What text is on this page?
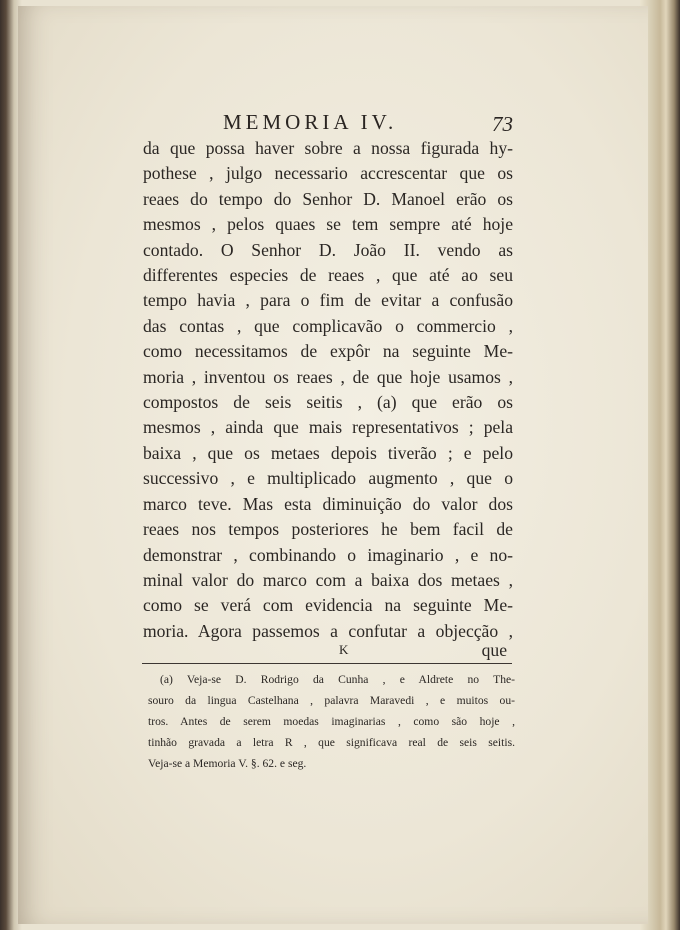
MEMORIA IV.	73
da que possa haver sobre a nossa figurada hy-
pothese , julgo necessario accrescentar que os
reaes do tempo do Senhor D. Manoel erão os
mesmos , pelos quaes se tem sempre até hoje
contado. O Senhor D. João II. vendo as
differentes especies de reaes , que até ao seu
tempo havia , para o fim de evitar a confusão
das contas , que complicavão o commercio ,
como necessitamos de expôr na seguinte Me-
moria , inventou os reaes , de que hoje usamos ,
compostos de seis seitis , (a) que erão os
mesmos , ainda que mais representativos ; pela
baixa , que os metaes depois tiverão ; e pelo
successivo , e multiplicado augmento , que o
marco teve. Mas esta diminuição do valor dos
reaes nos tempos posteriores he bem facil de
demonstrar , combinando o imaginario , e no-
minal valor do marco com a baixa dos metaes ,
como se verá com evidencia na seguinte Me-
moria. Agora passemos a confutar a objecção ,
K	que
(a) Veja-se D. Rodrigo da Cunha , e Aldrete no The-
souro da lingua Castelhana , palavra Maravedi , e muitos ou-
tros. Antes de serem moedas imaginarias , como são hoje ,
tinhão gravada a letra R , que significava real de seis seitis.
Veja-se a Memoria V. §. 62. e seg.
